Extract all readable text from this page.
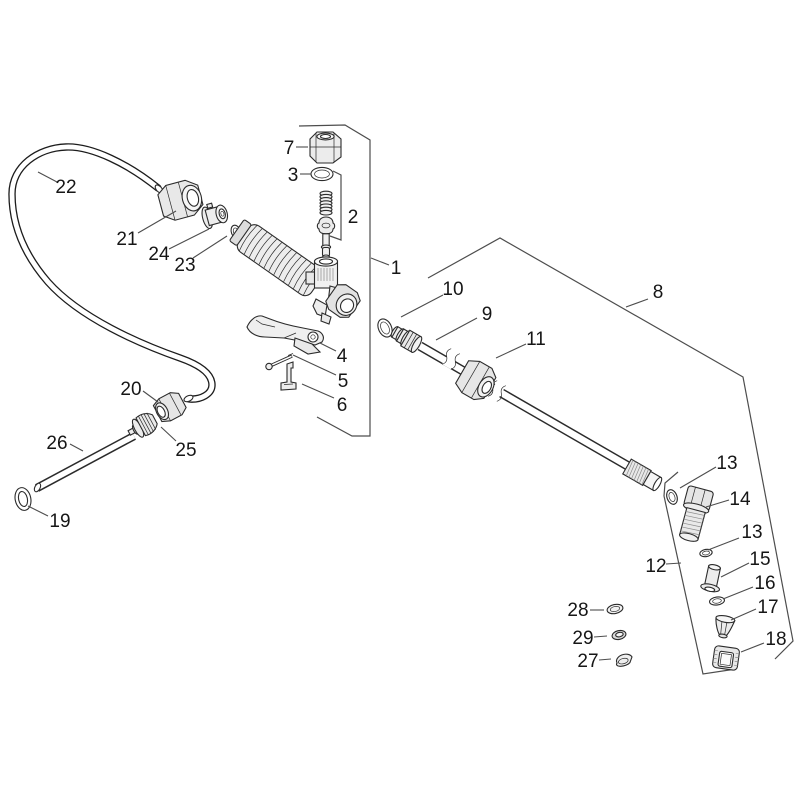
7
3
2
1
22
21
24
23
10
9
8
11
4
5
6
20
26	25
19
12
13
14
13
15
16
17
18
28
29
27
